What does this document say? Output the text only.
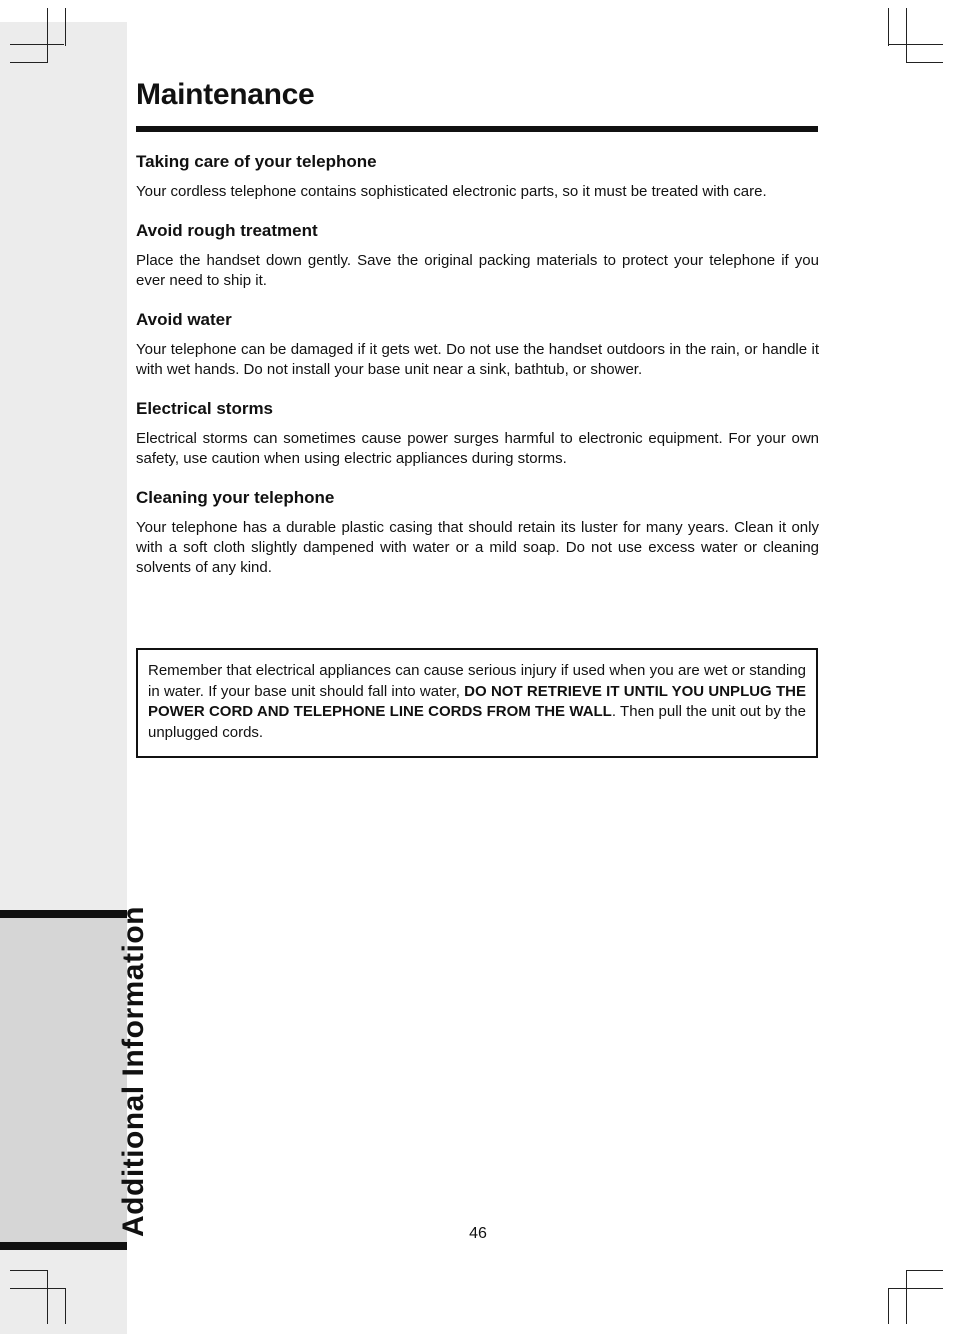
Additional Information
Maintenance
Taking care of your telephone

Your cordless telephone contains sophisticated electronic parts, so it must be treated with care.

Avoid rough treatment

Place the handset down gently. Save the original packing materials to protect your telephone if you ever need to ship it.

Avoid water

Your telephone can be damaged if it gets wet. Do not use the handset outdoors in the rain, or handle it with wet hands. Do not install your base unit near a sink, bathtub, or shower.

Electrical storms

Electrical storms can sometimes cause power surges harmful to electronic equipment. For your own safety, use caution when using electric appliances during storms.

Cleaning your telephone

Your telephone has a durable plastic casing that should retain its luster for many years. Clean it only with a soft cloth slightly dampened with water or a mild soap. Do not use excess water or cleaning solvents of any kind.

Remember that electrical appliances can cause serious injury if used when you are wet or standing in water. If your base unit should fall into water, DO NOT RETRIEVE IT UNTIL YOU UNPLUG THE POWER CORD AND TELEPHONE LINE CORDS FROM THE WALL. Then pull the unit out by the unplugged cords.
46
